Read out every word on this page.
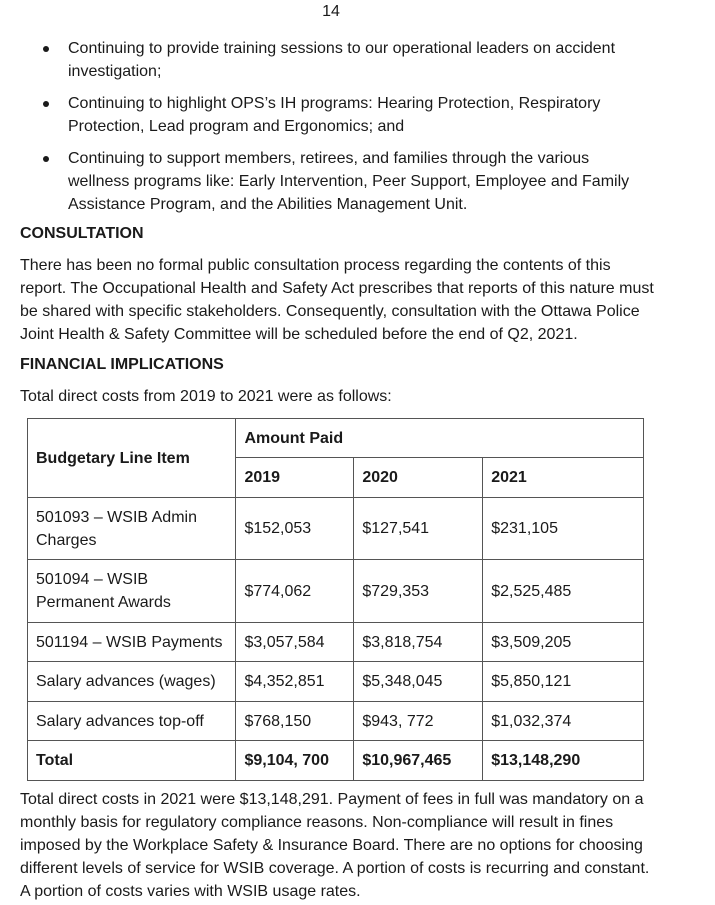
14
Continuing to provide training sessions to our operational leaders on accident investigation;
Continuing to highlight OPS’s IH programs: Hearing Protection, Respiratory Protection, Lead program and Ergonomics; and
Continuing to support members, retirees, and families through the various wellness programs like: Early Intervention, Peer Support, Employee and Family Assistance Program, and the Abilities Management Unit.
CONSULTATION

There has been no formal public consultation process regarding the contents of this report. The Occupational Health and Safety Act prescribes that reports of this nature must be shared with specific stakeholders. Consequently, consultation with the Ottawa Police Joint Health & Safety Committee will be scheduled before the end of Q2, 2021.

FINANCIAL IMPLICATIONS

Total direct costs from 2019 to 2021 were as follows:

Budgetary Line Item	Amount Paid		
	2019	2020	2021
501093 – WSIB Admin Charges	$152,053	$127,541	$231,105
501094 – WSIB Permanent Awards	$774,062	$729,353	$2,525,485
501194 – WSIB Payments	$3,057,584	$3,818,754	$3,509,205
Salary advances (wages)	$4,352,851	$5,348,045	$5,850,121
Salary advances top-off	$768,150	$943, 772	$1,032,374
Total	$9,104, 700	$10,967,465	$13,148,290

Total direct costs in 2021 were $13,148,291. Payment of fees in full was mandatory on a monthly basis for regulatory compliance reasons. Non-compliance will result in fines imposed by the Workplace Safety & Insurance Board. There are no options for choosing different levels of service for WSIB coverage. A portion of costs is recurring and constant. A portion of costs varies with WSIB usage rates.
